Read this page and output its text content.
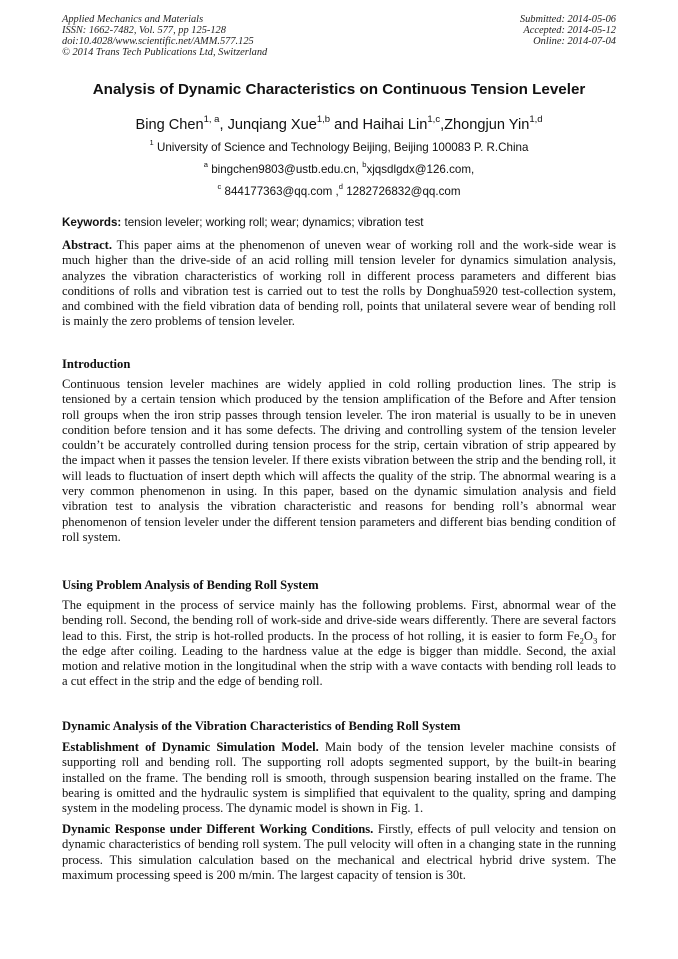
Applied Mechanics and Materials
ISSN: 1662-7482, Vol. 577, pp 125-128
doi:10.4028/www.scientific.net/AMM.577.125
© 2014 Trans Tech Publications Ltd, Switzerland
Submitted: 2014-05-06
Accepted: 2014-05-12
Online: 2014-07-04
Analysis of Dynamic Characteristics on Continuous Tension Leveler
Bing Chen$^{1, a}$, Junqiang Xue$^{1,b}$ and Haihai Lin$^{1,c}$,Zhongjun Yin$^{1,d}$
$^1$ University of Science and Technology Beijing, Beijing 100083 P. R.China
$^a$ bingchen9803@ustb.edu.cn, $^b$xjqsdlgdx@126.com,
$^c$ 844177363@qq.com ,$^d$ 1282726832@qq.com
Keywords: tension leveler; working roll; wear; dynamics; vibration test
Abstract. This paper aims at the phenomenon of uneven wear of working roll and the work-side wear is much higher than the drive-side of an acid rolling mill tension leveler for dynamics simulation analysis, analyzes the vibration characteristics of working roll in different process parameters and different bias conditions of rolls and vibration test is carried out to test the rolls by Donghua5920 test-collection system, and combined with the field vibration data of bending roll, points that unilateral severe wear of bending roll is mainly the zero problems of tension leveler.
Introduction
Continuous tension leveler machines are widely applied in cold rolling production lines. The strip is tensioned by a certain tension which produced by the tension amplification of the Before and After tension roll groups when the iron strip passes through tension leveler. The iron material is usually to be in uneven condition before tension and it has some defects. The driving and controlling system of the tension leveler couldn’t be accurately controlled during tension process for the strip, certain vibration of strip appeared by the impact when it passes the tension leveler. If there exists vibration between the strip and the bending roll, it will leads to fluctuation of insert depth which will affects the quality of the strip. The abnormal wearing is a very common phenomenon in using. In this paper, based on the dynamic simulation analysis and field vibration test to analysis the vibration characteristic and reasons for bending roll’s abnormal wear phenomenon of tension leveler under the different tension parameters and different bias bending condition of roll system.
Using Problem Analysis of Bending Roll System
The equipment in the process of service mainly has the following problems. First, abnormal wear of the bending roll. Second, the bending roll of work-side and drive-side wears differently. There are several factors lead to this. First, the strip is hot-rolled products. In the process of hot rolling, it is easier to form $Fe_2O_3$ for the edge after coiling. Leading to the hardness value at the edge is bigger than middle. Second, the axial motion and relative motion in the longitudinal when the strip with a wave contacts with bending roll leads to a cut effect in the strip and the edge of bending roll.
Dynamic Analysis of the Vibration Characteristics of Bending Roll System
Establishment of Dynamic Simulation Model. Main body of the tension leveler machine consists of supporting roll and bending roll. The supporting roll adopts segmented support, by the built-in bearing installed on the frame. The bending roll is smooth, through suspension bearing installed on the frame. The bearing is omitted and the hydraulic system is simplified that equivalent to the quality, spring and damping system in the modeling process. The dynamic model is shown in Fig. 1.
Dynamic Response under Different Working Conditions. Firstly, effects of pull velocity and tension on dynamic characteristics of bending roll system. The pull velocity will often in a changing state in the running process. This simulation calculation based on the mechanical and electrical hybrid drive system. The maximum processing speed is 200 m/min. The largest capacity of tension is 30t.
